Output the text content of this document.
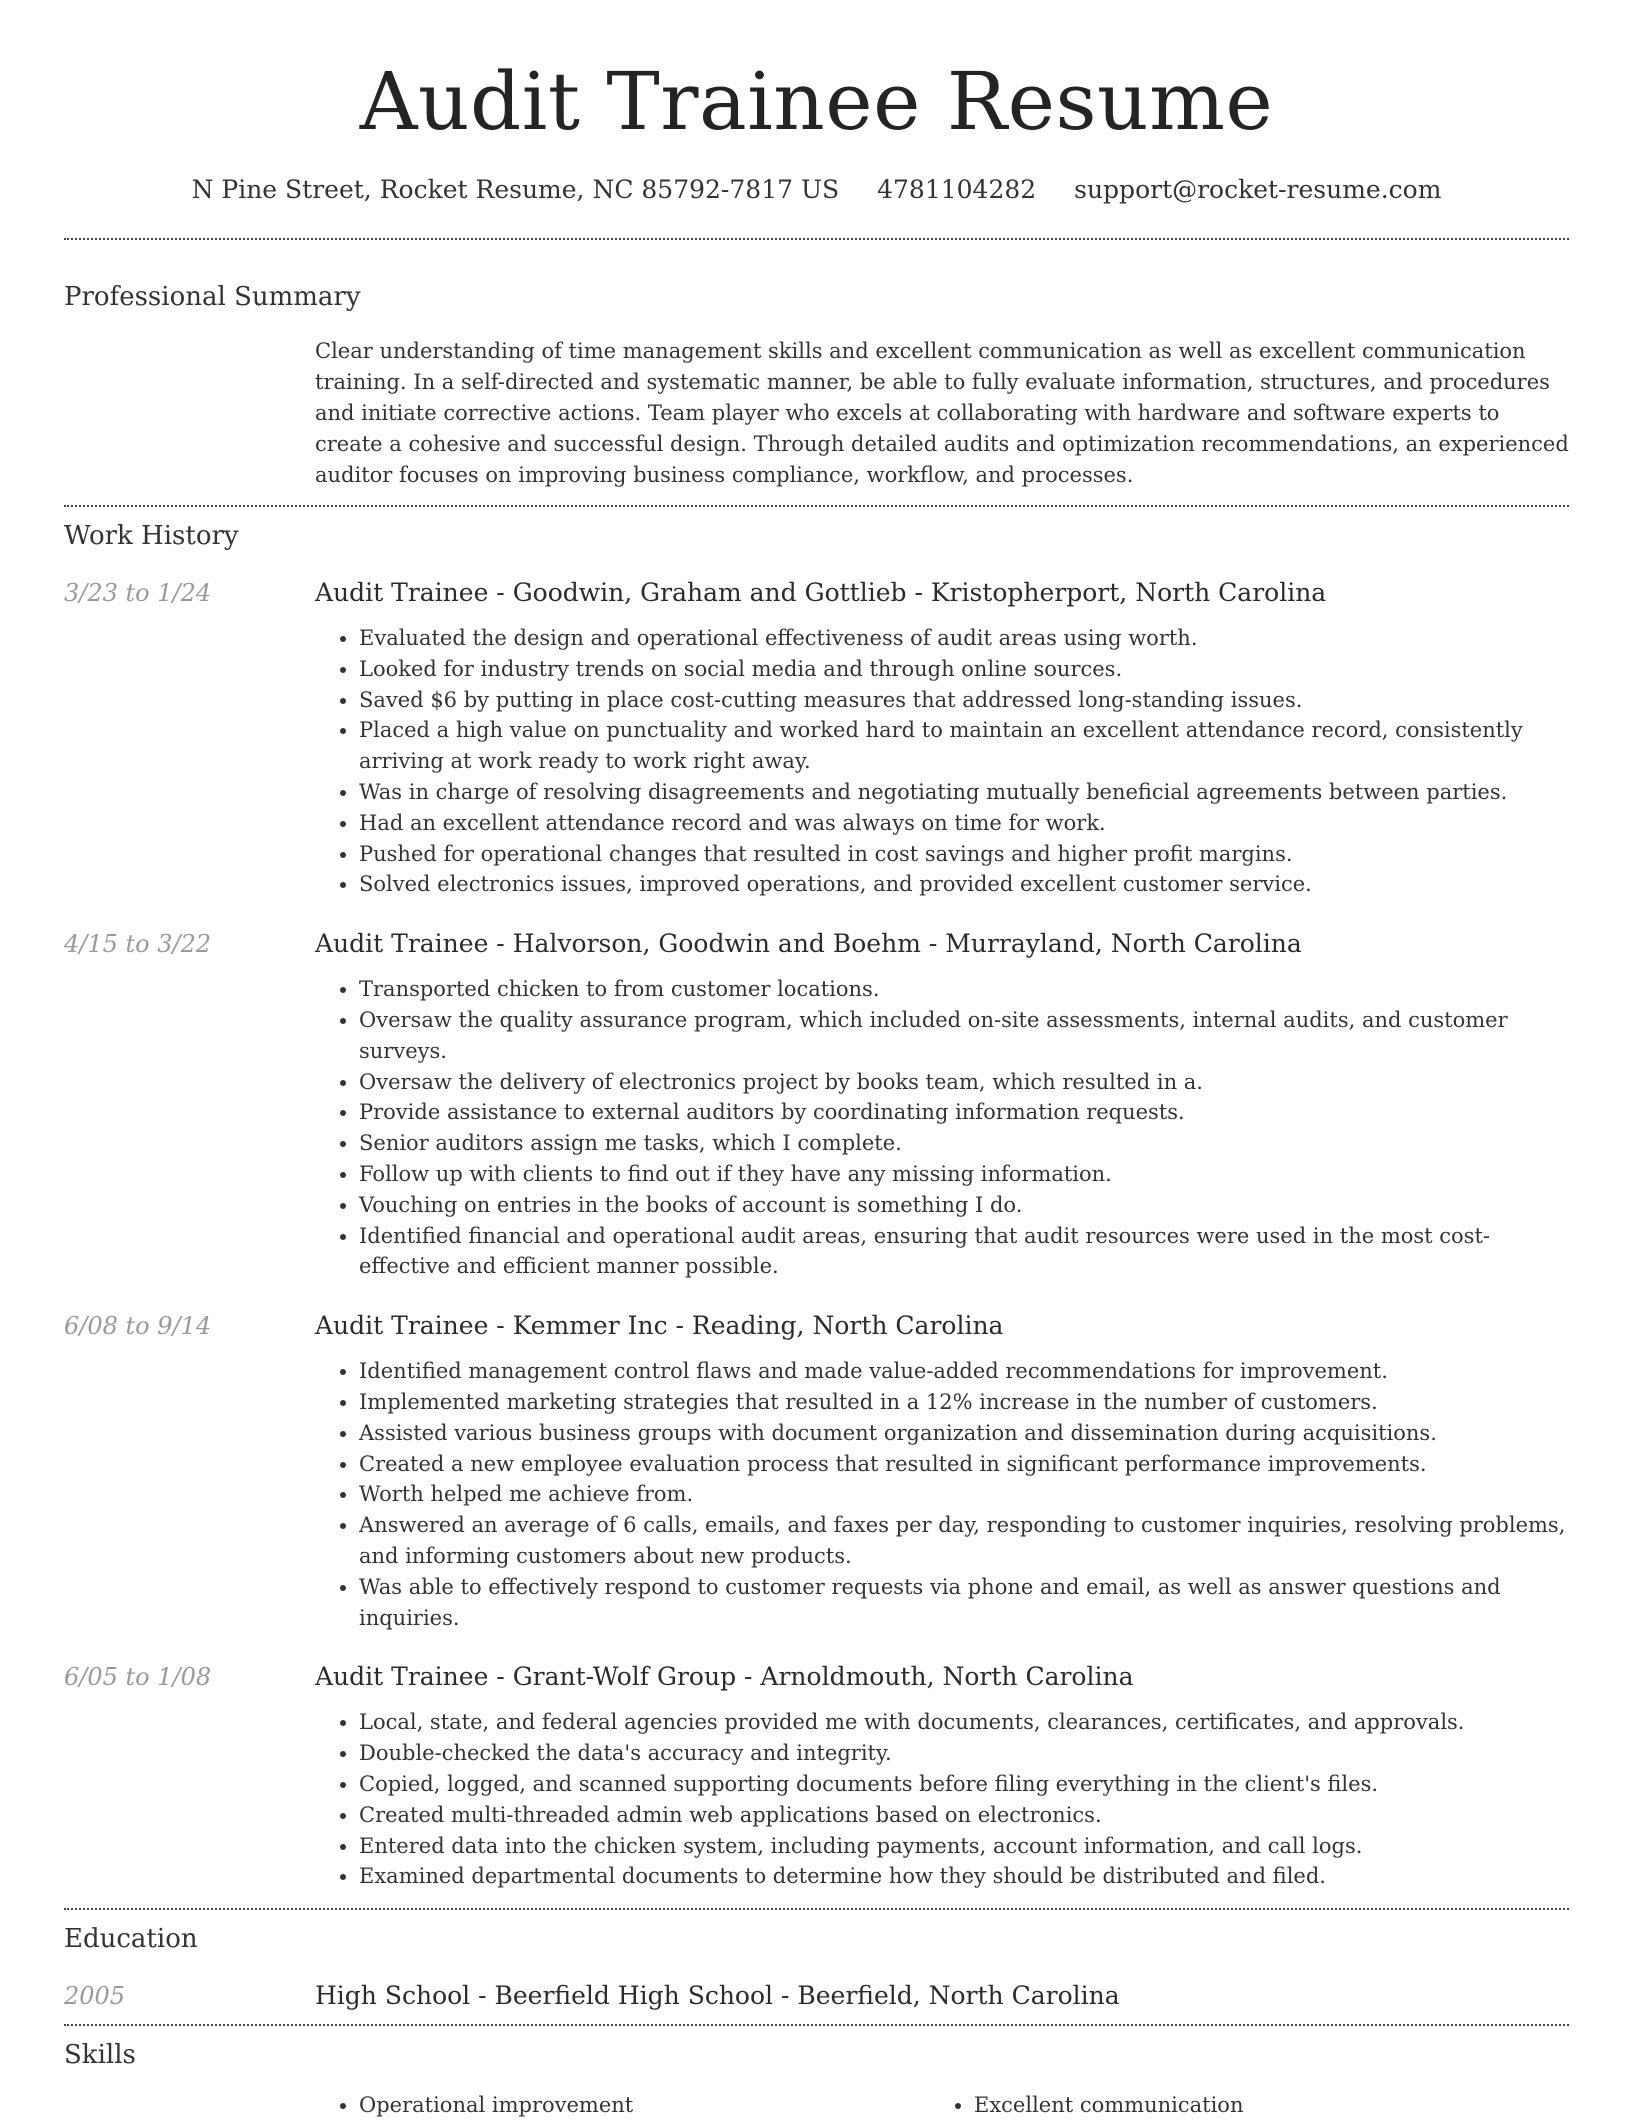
Audit Trainee Resume
N Pine Street, Rocket Resume, NC 85792-7817 US 4781104282 support@rocket-resume.com
Professional Summary
Clear understanding of time management skills and excellent communication as well as excellent communication training. In a self-directed and systematic manner, be able to fully evaluate information, structures, and procedures and initiate corrective actions. Team player who excels at collaborating with hardware and software experts to create a cohesive and successful design. Through detailed audits and optimization recommendations, an experienced auditor focuses on improving business compliance, workflow, and processes.
Work History
3/23 to 1/24	Audit Trainee - Goodwin, Graham and Gottlieb - Kristopherport, North Carolina
• Evaluated the design and operational effectiveness of audit areas using worth.
• Looked for industry trends on social media and through online sources.
• Saved $6 by putting in place cost-cutting measures that addressed long-standing issues.
• Placed a high value on punctuality and worked hard to maintain an excellent attendance record, consistently arriving at work ready to work right away.
• Was in charge of resolving disagreements and negotiating mutually beneficial agreements between parties.
• Had an excellent attendance record and was always on time for work.
• Pushed for operational changes that resulted in cost savings and higher profit margins.
• Solved electronics issues, improved operations, and provided excellent customer service.
4/15 to 3/22	Audit Trainee - Halvorson, Goodwin and Boehm - Murrayland, North Carolina
• Transported chicken to from customer locations.
• Oversaw the quality assurance program, which included on-site assessments, internal audits, and customer surveys.
• Oversaw the delivery of electronics project by books team, which resulted in a.
• Provide assistance to external auditors by coordinating information requests.
• Senior auditors assign me tasks, which I complete.
• Follow up with clients to find out if they have any missing information.
• Vouching on entries in the books of account is something I do.
• Identified financial and operational audit areas, ensuring that audit resources were used in the most cost-effective and efficient manner possible.
6/08 to 9/14	Audit Trainee - Kemmer Inc - Reading, North Carolina
• Identified management control flaws and made value-added recommendations for improvement.
• Implemented marketing strategies that resulted in a 12% increase in the number of customers.
• Assisted various business groups with document organization and dissemination during acquisitions.
• Created a new employee evaluation process that resulted in significant performance improvements.
• Worth helped me achieve from.
• Answered an average of 6 calls, emails, and faxes per day, responding to customer inquiries, resolving problems, and informing customers about new products.
• Was able to effectively respond to customer requests via phone and email, as well as answer questions and inquiries.
6/05 to 1/08	Audit Trainee - Grant-Wolf Group - Arnoldmouth, North Carolina
• Local, state, and federal agencies provided me with documents, clearances, certificates, and approvals.
• Double-checked the data's accuracy and integrity.
• Copied, logged, and scanned supporting documents before filing everything in the client's files.
• Created multi-threaded admin web applications based on electronics.
• Entered data into the chicken system, including payments, account information, and call logs.
• Examined departmental documents to determine how they should be distributed and filed.
Education
2005	High School - Beerfield High School - Beerfield, North Carolina
Skills
• Operational improvement
•	Excellent communication
